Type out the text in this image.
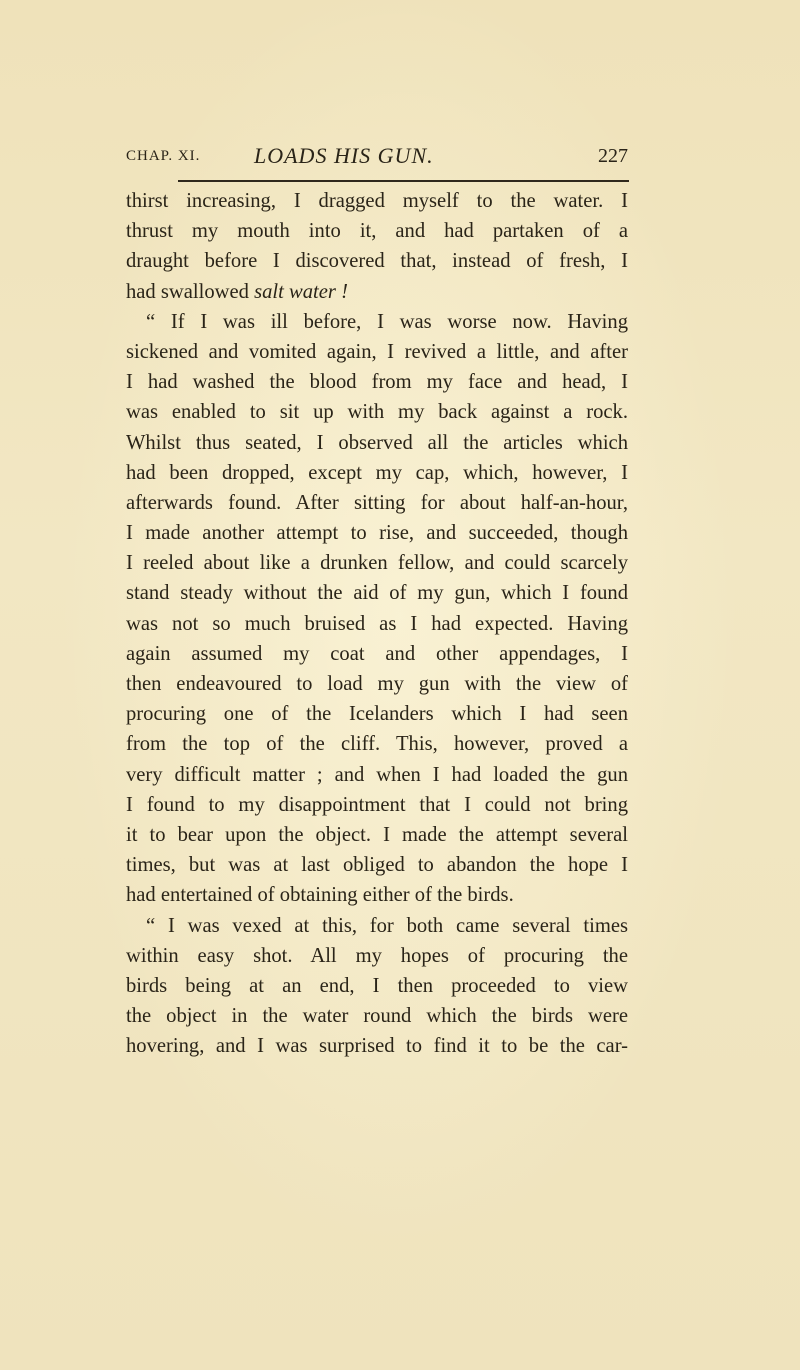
CHAP. XI. LOADS HIS GUN.	227
thirst increasing, I dragged myself to the water. I
thrust my mouth into it, and had partaken of a
draught before I discovered that, instead of fresh, I
had swallowed salt water !
“ If I was ill before, I was worse now. Having
sickened and vomited again, I revived a little, and after
I had washed the blood from my face and head, I
was enabled to sit up with my back against a rock.
Whilst thus seated, I observed all the articles which
had been dropped, except my cap, which, however, I
afterwards found. After sitting for about half-an-hour,
I made another attempt to rise, and succeeded, though
I reeled about like a drunken fellow, and could scarcely
stand steady without the aid of my gun, which I found
was not so much bruised as I had expected. Having
again assumed my coat and other appendages, I
then endeavoured to load my gun with the view of
procuring one of the Icelanders which I had seen
from the top of the cliff. This, however, proved a
very difficult matter ; and when I had loaded the gun
I found to my disappointment that I could not bring
it to bear upon the object. I made the attempt several
times, but was at last obliged to abandon the hope I
had entertained of obtaining either of the birds.
“ I was vexed at this, for both came several times
within easy shot. All my hopes of procuring the
birds being at an end, I then proceeded to view
the object in the water round which the birds were
hovering, and I was surprised to find it to be the car-
